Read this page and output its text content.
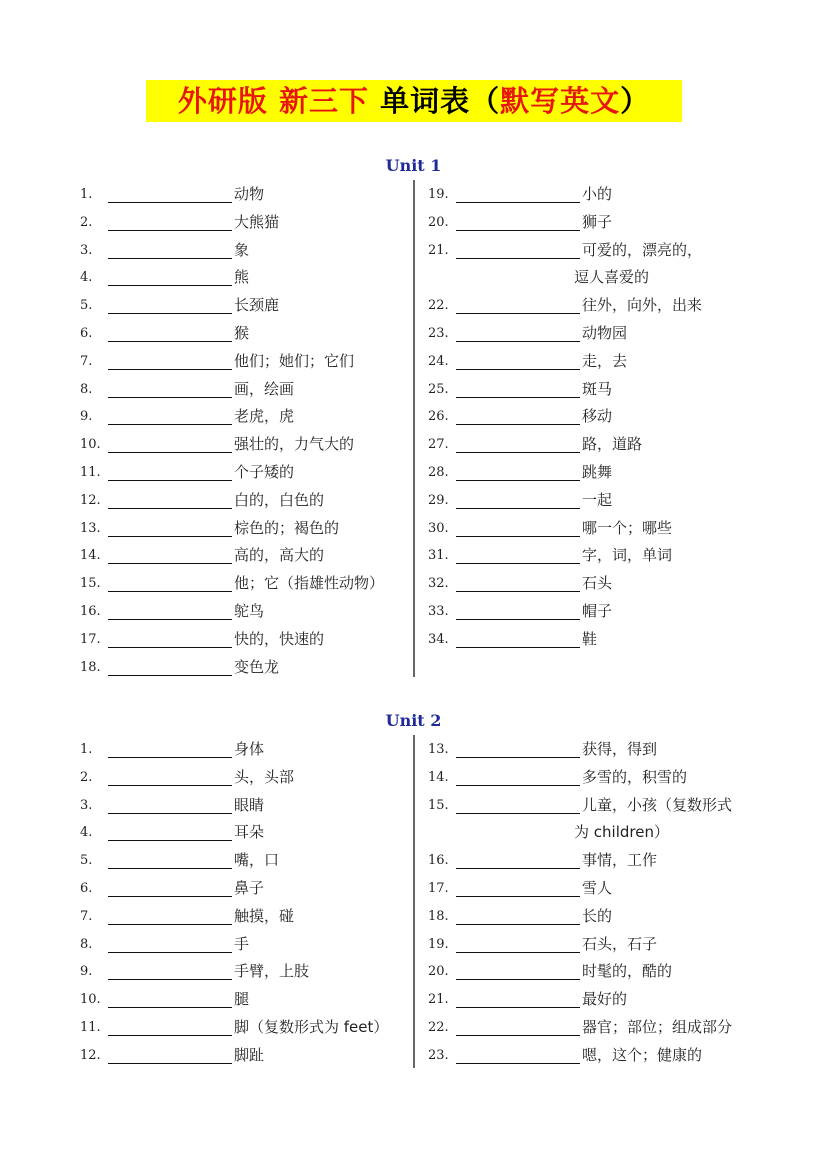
外研版 新三下 单词表（默写英文）
Unit 1
1.	动物
2.	大熊猫
3.	象
4.	熊
5.	长颈鹿
6.	猴
7.	他们；她们；它们
8.	画，绘画
9.	老虎，虎
10.	强壮的，力气大的
11.	个子矮的
12.	白的，白色的
13.	棕色的；褐色的
14.	高的，高大的
15.	他；它（指雄性动物）
16.	鸵鸟
17.	快的，快速的
18.	变色龙
19.	小的
20.	狮子
21.	可爱的，漂亮的，
逗人喜爱的
22.	往外，向外，出来
23.	动物园
24.	走，去
25.	斑马
26.	移动
27.	路，道路
28.	跳舞
29.	一起
30.	哪一个；哪些
31.	字，词，单词
32.	石头
33.	帽子
34.	鞋
Unit 2
1.	身体
2.	头，头部
3.	眼睛
4.	耳朵
5.	嘴，口
6.	鼻子
7.	触摸，碰
8.	手
9.	手臂，上肢
10.	腿
11.	脚（复数形式为 feet）
12.	脚趾
13.	获得，得到
14.	多雪的，积雪的
15.	儿童，小孩（复数形式
为 children）
16.	事情，工作
17.	雪人
18.	长的
19.	石头，石子
20.	时髦的，酷的
21.	最好的
22.	器官；部位；组成部分
23.	嗯，这个；健康的
